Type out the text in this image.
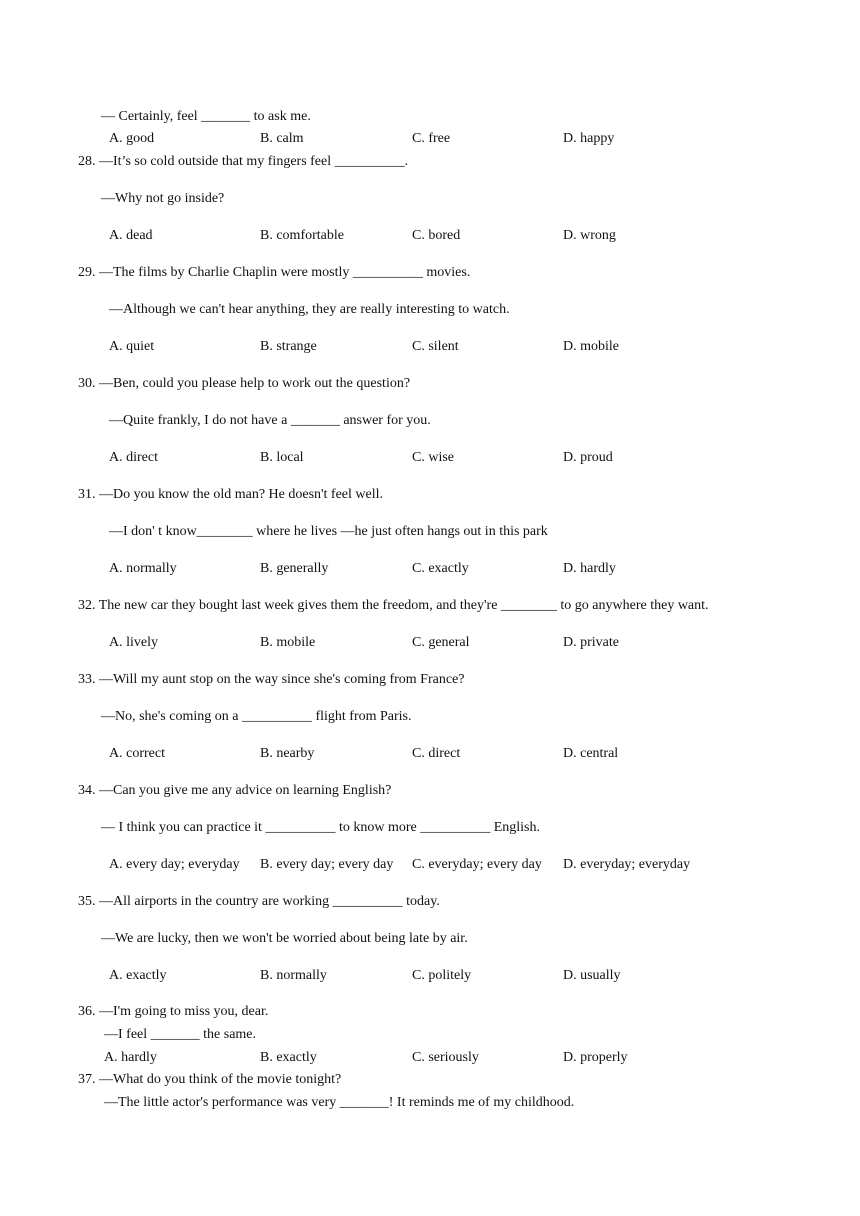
— Certainly, feel _______ to ask me.
A. good	B. calm	C. free	D. happy
28. —It’s so cold outside that my fingers feel __________.
—Why not go inside?
A. dead	B. comfortable	C. bored	D. wrong
29. —The films by Charlie Chaplin were mostly __________ movies.
—Although we can't hear anything, they are really interesting to watch.
A. quiet	B. strange	C. silent	D. mobile
30. —Ben, could you please help to work out the question?
—Quite frankly, I do not have a _______ answer for you.
A. direct	B. local	C. wise	D. proud
31. —Do you know the old man? He doesn't feel well.
—I don' t know________ where he lives —he just often hangs out in this park
A. normally	B. generally	C. exactly	D. hardly
32. The new car they bought last week gives them the freedom, and they're ________ to go anywhere they want.
A. lively	B. mobile	C. general	D. private
33. —Will my aunt stop on the way since she's coming from France?
—No, she's coming on a __________ flight from Paris.
A. correct	B. nearby	C. direct	D. central
34. —Can you give me any advice on learning English?
— I think you can practice it __________ to know more __________ English.
A. every day; everyday B. every day; every day C. everyday; every day D. everyday; everyday
35. —All airports in the country are working __________ today.
—We are lucky, then we won't be worried about being late by air.
A. exactly	B. normally	C. politely	D. usually
36. —I'm going to miss you, dear.
—I feel _______ the same.
A. hardly	B. exactly	C. seriously	D. properly
37. —What do you think of the movie tonight?
—The little actor's performance was very _______! It reminds me of my childhood.
